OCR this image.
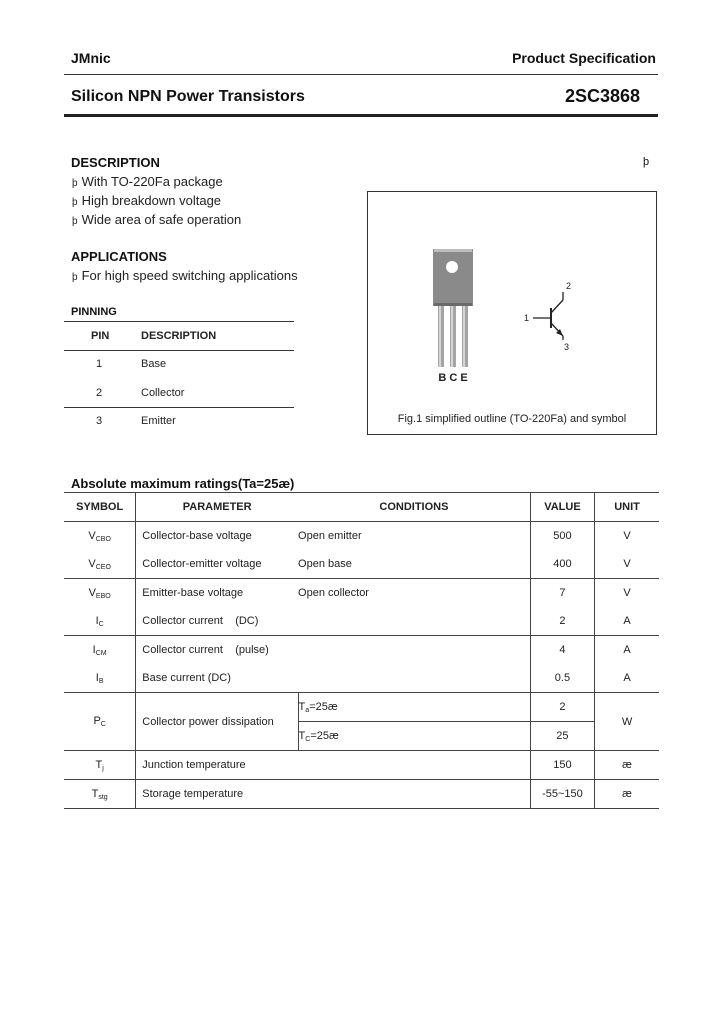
JMnic	Product Specification
Silicon NPN Power Transistors	2SC3868
DESCRIPTION	þ
þ With TO-220Fa package
þ High breakdown voltage
þ Wide area of safe operation
APPLICATIONS
þ For high speed switching applications
PINNING
PIN	DESCRIPTION
1	Base
2	Collector
3	Emitter
B C E
1
2
3
Fig.1 simplified outline (TO-220Fa) and symbol
Absolute maximum ratings(Ta=25æ)
SYMBOL	PARAMETER	CONDITIONS	VALUE	UNIT
VCBO	Collector-base voltage	Open emitter	500	V
VCEO	Collector-emitter voltage	Open base	400	V
VEBO	Emitter-base voltage	Open collector	7	V
IC	Collector current    (DC)		2	A
ICM	Collector current    (pulse)		4	A
IB	Base current (DC)		0.5	A
PC	Collector power dissipation	Ta=25æ	2	W
		TC=25æ	25	
Tj	Junction temperature		150	æ
Tstg	Storage temperature		-55~150	æ
